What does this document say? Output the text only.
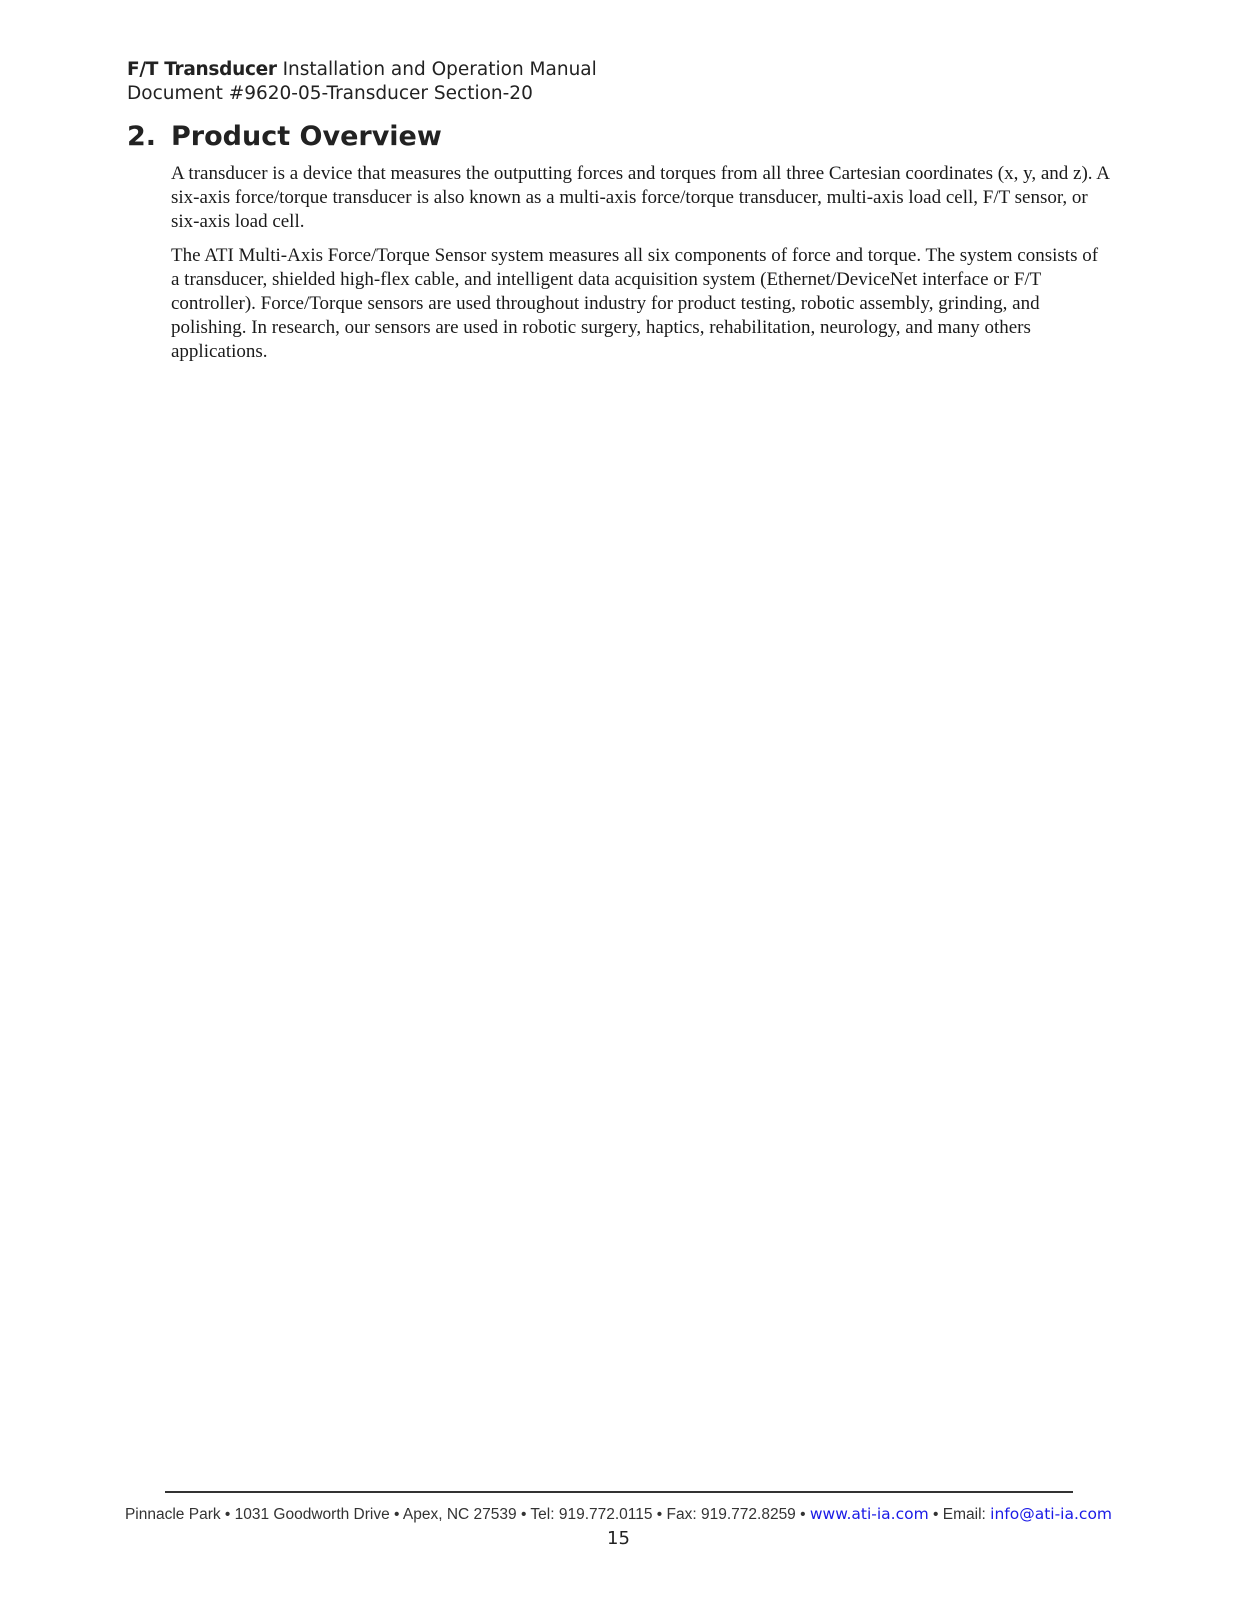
F/T Transducer Installation and Operation Manual
Document #9620-05-Transducer Section-20
2. Product Overview

A transducer is a device that measures the outputting forces and torques from all three Cartesian coordinates (x, y, and z). A six-axis force/torque transducer is also known as a multi-axis force/torque transducer, multi-axis load cell, F/T sensor, or six-axis load cell.

The ATI Multi-Axis Force/Torque Sensor system measures all six components of force and torque. The system consists of a transducer, shielded high-flex cable, and intelligent data acquisition system (Ethernet/DeviceNet interface or F/T controller). Force/Torque sensors are used throughout industry for product testing, robotic assembly, grinding, and polishing. In research, our sensors are used in robotic surgery, haptics, rehabilitation, neurology, and many others applications.

Pinnacle Park • 1031 Goodworth Drive • Apex, NC 27539 • Tel: 919.772.0115 • Fax: 919.772.8259 • www.ati-ia.com • Email: info@ati-ia.com
15
